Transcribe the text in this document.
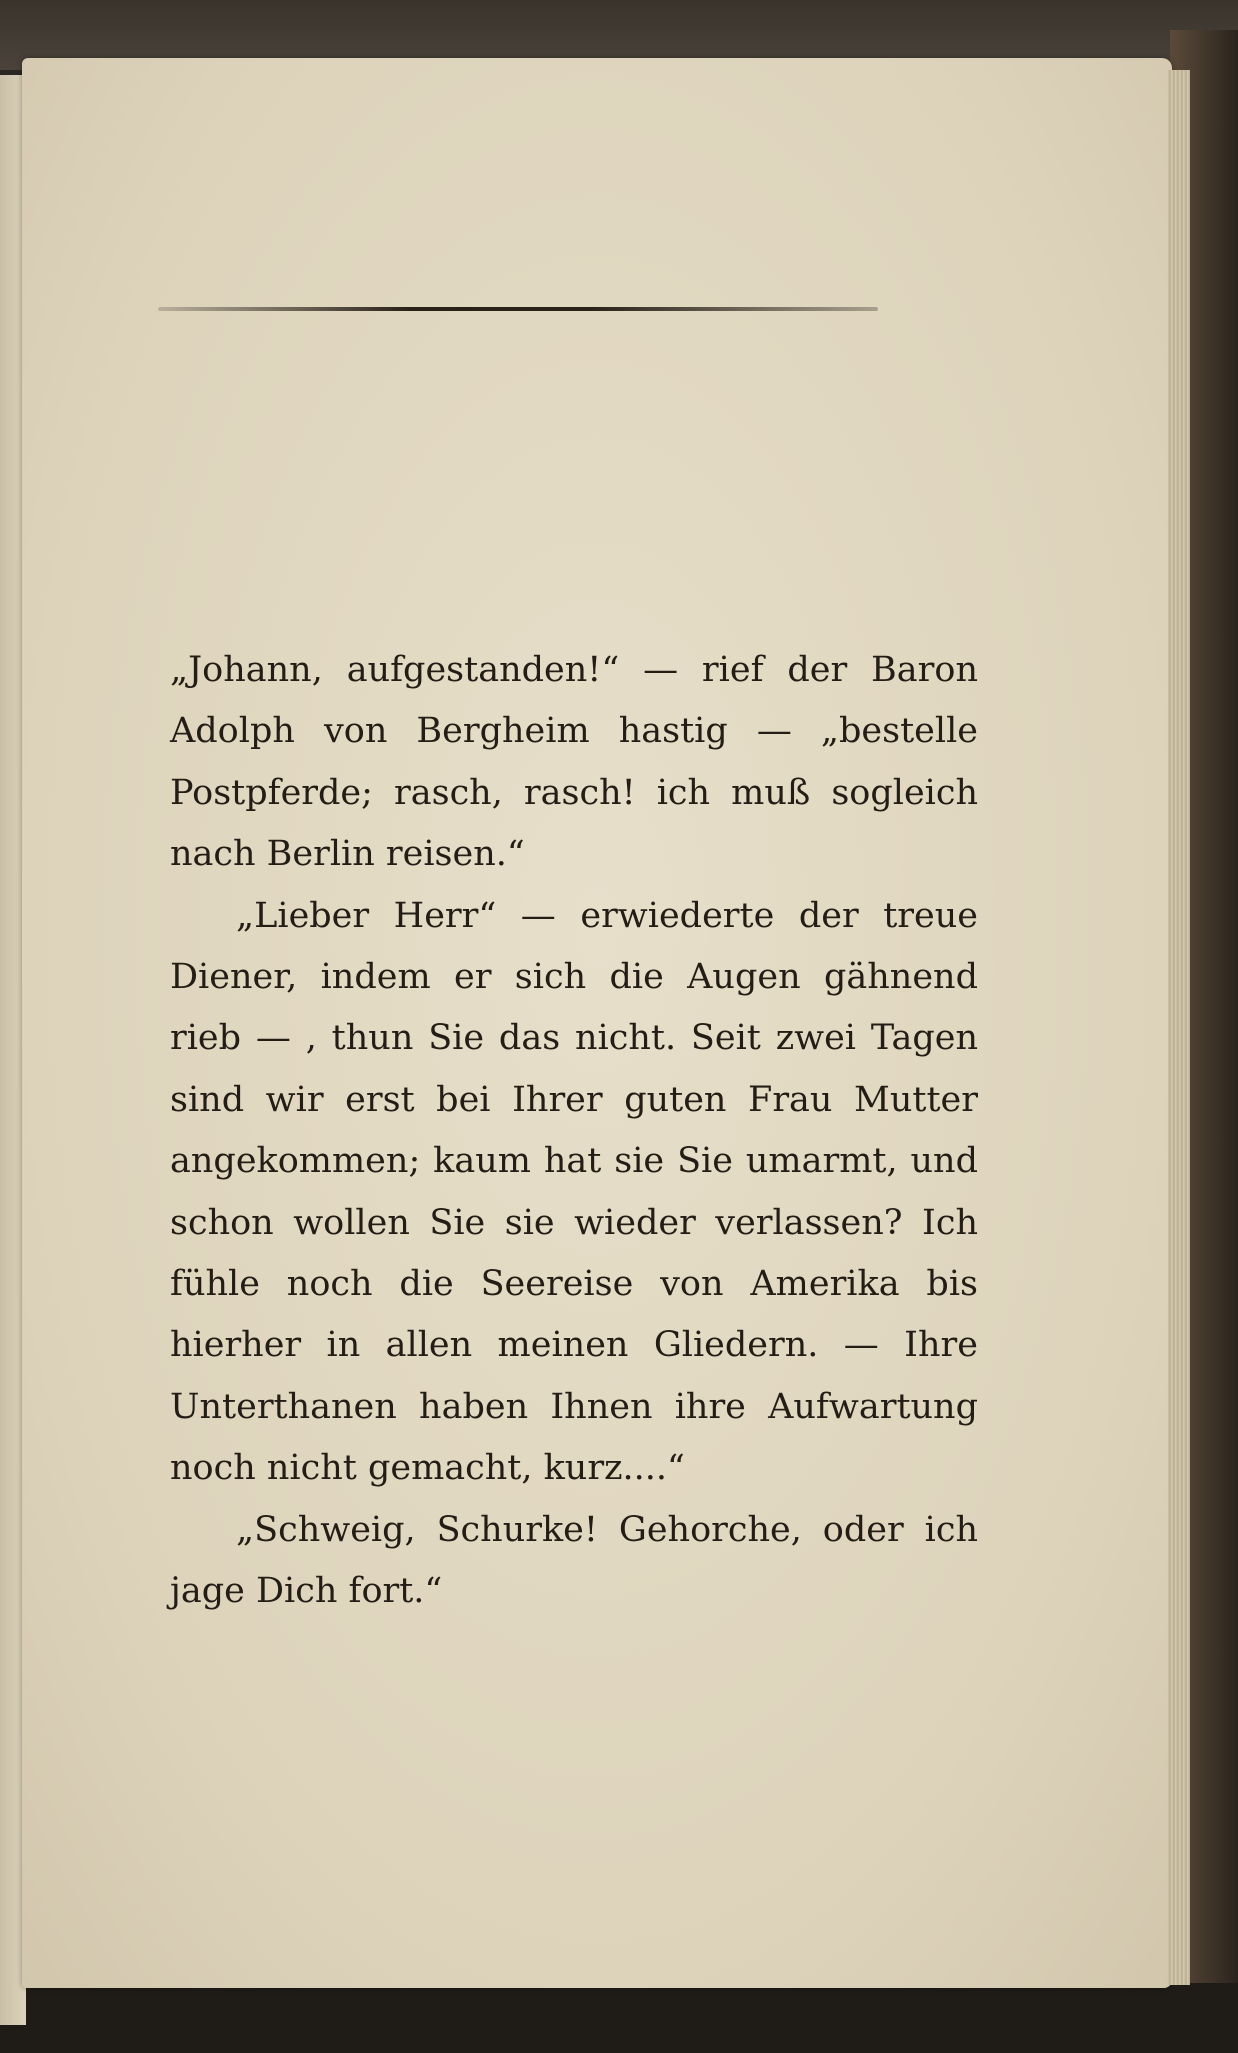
„Johann, aufgestanden!“ — rief der Baron Adolph von Bergheim hastig — „bestelle Postpferde; rasch, rasch! ich muß sogleich nach Berlin reisen.“

„Lieber Herr“ — erwiederte der treue Diener, indem er sich die Augen gähnend rieb — , thun Sie das nicht. Seit zwei Tagen sind wir erst bei Ihrer guten Frau Mutter angekommen; kaum hat sie Sie umarmt, und schon wollen Sie sie wieder verlassen? Ich fühle noch die Seereise von Amerika bis hierher in allen meinen Gliedern. — Ihre Unterthanen haben Ihnen ihre Aufwartung noch nicht gemacht, kurz....“

„Schweig, Schurke! Gehorche, oder ich jage Dich fort.“
